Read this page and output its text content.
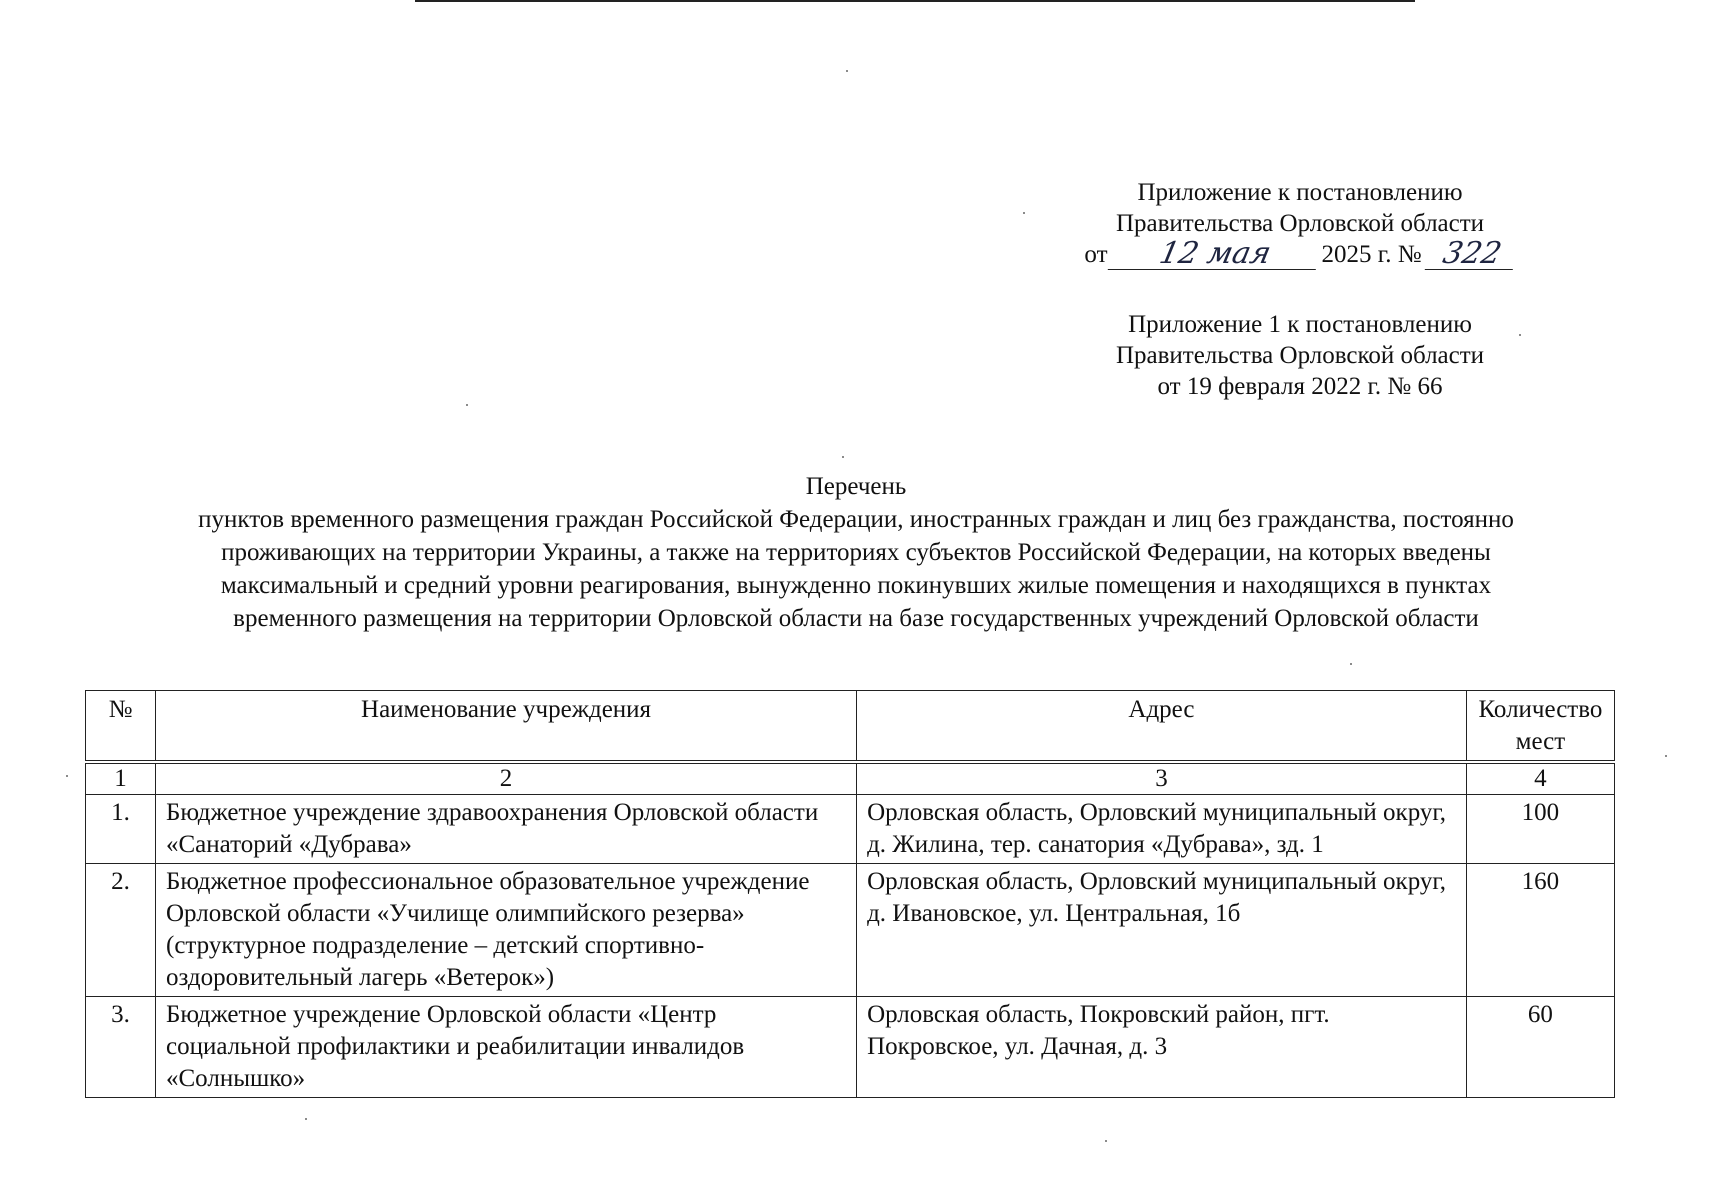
Приложение к постановлению
Правительства Орловской области
от	12 мая	2025 г. № 322
Приложение 1 к постановлению
Правительства Орловской области
от 19 февраля 2022 г. № 66

Перечень

пунктов временного размещения граждан Российской Федерации, иностранных граждан и лиц без гражданства, постоянно

проживающих на территории Украины, а также на территориях субъектов Российской Федерации, на которых введены

максимальный и средний уровни реагирования, вынужденно покинувших жилые помещения и находящихся в пунктах

временного размещения на территории Орловской области на базе государственных учреждений Орловской области

№	Наименование учреждения	Адрес	Количество мест
1	2	3	4
1.	Бюджетное учреждение здравоохранения Орловской области «Санаторий «Дубрава»	Орловская область, Орловский муниципальный округ, д. Жилина, тер. санатория «Дубрава», зд. 1	100
2.	Бюджетное профессиональное образовательное учреждение Орловской области «Училище олимпийского резерва» (структурное подразделение – детский спортивно-оздоровительный лагерь «Ветерок»)	Орловская область, Орловский муниципальный округ, д. Ивановское, ул. Центральная, 1б	160
3.	Бюджетное учреждение Орловской области «Центр социальной профилактики и реабилитации инвалидов «Солнышко»	Орловская область, Покровский район, пгт. Покровское, ул. Дачная, д. 3	60
